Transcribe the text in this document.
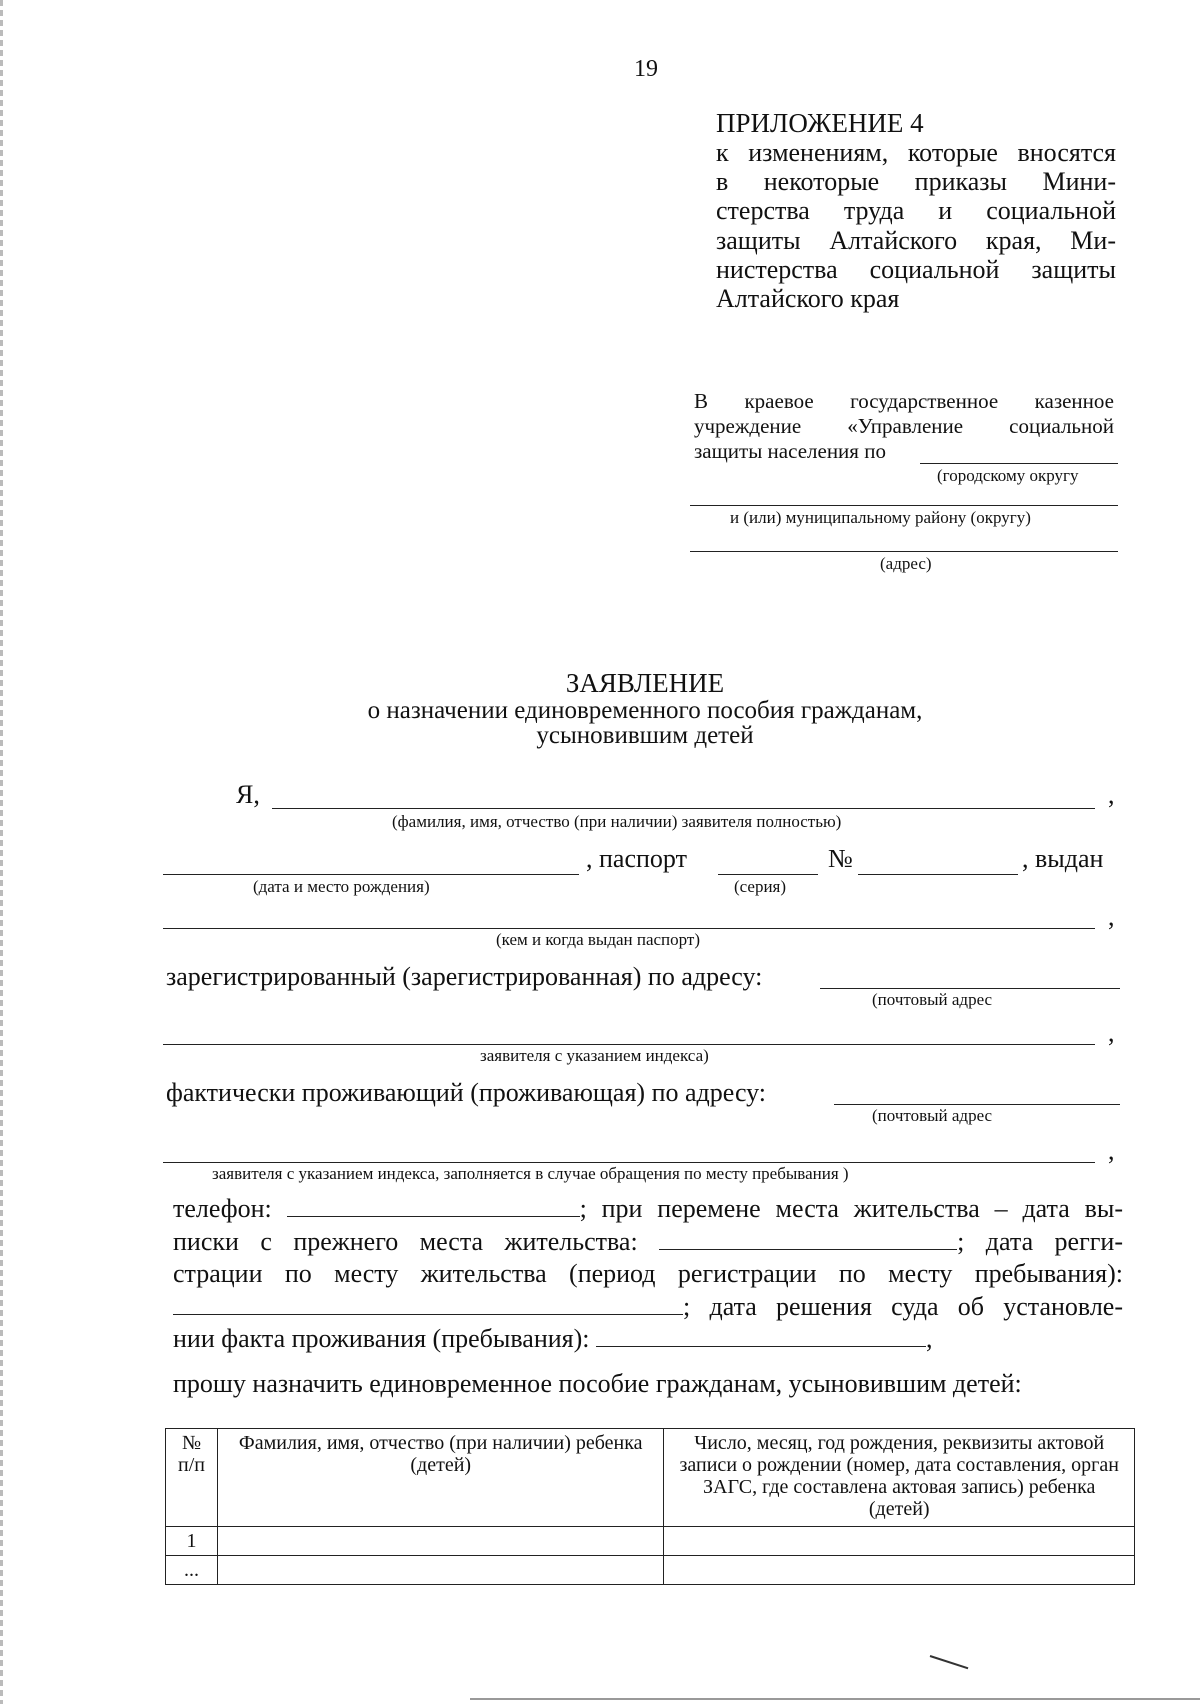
19
ПРИЛОЖЕНИЕ 4
к изменениям, которые вносятся
в некоторые приказы Мини-
стерства труда и социальной
защиты Алтайского края, Ми-
нистерства социальной защиты
Алтайского края
В краевое государственное казенное
учреждение «Управление социальной
защиты населения по
(городскому округу
и (или) муниципальному району (округу)
(адрес)
ЗАЯВЛЕНИЕ
о назначении единовременного пособия гражданам,
усыновившим детей
Я,	,
(фамилия, имя, отчество (при наличии) заявителя полностью)
, паспорт	№	, выдан
(дата и место рождения)	(серия)
,
(кем и когда выдан паспорт)
зарегистрированный (зарегистрированная) по адресу:
(почтовый адрес
,
заявителя с указанием индекса)
фактически проживающий (проживающая) по адресу:
(почтовый адрес
,
заявителя с указанием индекса, заполняется в случае обращения по месту пребывания )
телефон:	; при перемене места жительства – дата вы-
писки с прежнего места жительства:	; дата регги-
страции по месту жительства (период регистрации по месту пребывания):
; дата решения суда об установле-
нии факта проживания (пребывания):	,
прошу назначить единовременное пособие гражданам, усыновившим детей:
№ п/п	Фамилия, имя, отчество (при наличии) ребенка (детей)	Число, месяц, год рождения, реквизиты актовой записи о рождении (номер, дата составления, орган ЗАГС, где составлена актовая запись) ребенка (детей)
1		
...		
